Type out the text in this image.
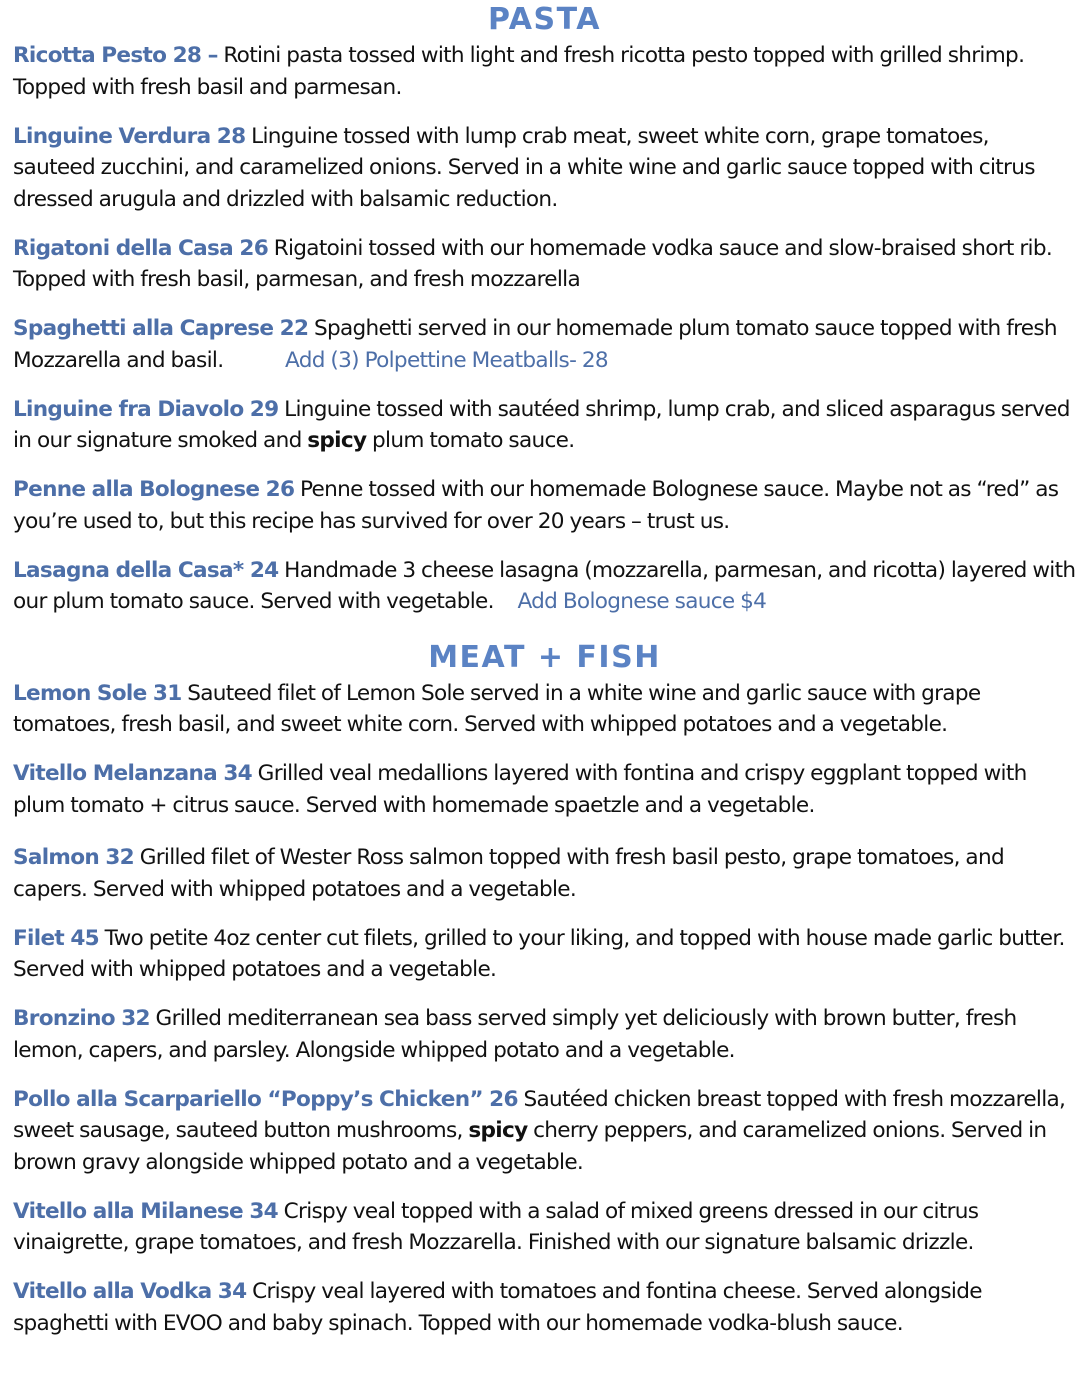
PASTA

Ricotta Pesto 28 – Rotini pasta tossed with light and fresh ricotta pesto topped with grilled shrimp. Topped with fresh basil and parmesan.

Linguine Verdura 28 Linguine tossed with lump crab meat, sweet white corn, grape tomatoes, sauteed zucchini, and caramelized onions. Served in a white wine and garlic sauce topped with citrus dressed arugula and drizzled with balsamic reduction.

Rigatoni della Casa 26 Rigatoini tossed with our homemade vodka sauce and slow-braised short rib. Topped with fresh basil, parmesan, and fresh mozzarella

Spaghetti alla Caprese 22 Spaghetti served in our homemade plum tomato sauce topped with fresh Mozzarella and basil.	Add (3) Polpettine Meatballs- 28

Linguine fra Diavolo 29 Linguine tossed with sautéed shrimp, lump crab, and sliced asparagus served in our signature smoked and spicy plum tomato sauce.

Penne alla Bolognese 26 Penne tossed with our homemade Bolognese sauce. Maybe not as “red” as you’re used to, but this recipe has survived for over 20 years – trust us.

Lasagna della Casa* 24 Handmade 3 cheese lasagna (mozzarella, parmesan, and ricotta) layered with our plum tomato sauce. Served with vegetable. Add Bolognese sauce $4

MEAT + FISH

Lemon Sole 31 Sauteed filet of Lemon Sole served in a white wine and garlic sauce with grape tomatoes, fresh basil, and sweet white corn. Served with whipped potatoes and a vegetable.

Vitello Melanzana 34 Grilled veal medallions layered with fontina and crispy eggplant topped with plum tomato + citrus sauce. Served with homemade spaetzle and a vegetable.

Salmon 32 Grilled filet of Wester Ross salmon topped with fresh basil pesto, grape tomatoes, and capers. Served with whipped potatoes and a vegetable.

Filet 45 Two petite 4oz center cut filets, grilled to your liking, and topped with house made garlic butter. Served with whipped potatoes and a vegetable.

Bronzino 32 Grilled mediterranean sea bass served simply yet deliciously with brown butter, fresh lemon, capers, and parsley. Alongside whipped potato and a vegetable.

Pollo alla Scarpariello “Poppy’s Chicken” 26 Sautéed chicken breast topped with fresh mozzarella, sweet sausage, sauteed button mushrooms, spicy cherry peppers, and caramelized onions. Served in brown gravy alongside whipped potato and a vegetable.

Vitello alla Milanese 34 Crispy veal topped with a salad of mixed greens dressed in our citrus vinaigrette, grape tomatoes, and fresh Mozzarella. Finished with our signature balsamic drizzle.

Vitello alla Vodka 34 Crispy veal layered with tomatoes and fontina cheese. Served alongside spaghetti with EVOO and baby spinach. Topped with our homemade vodka-blush sauce.
